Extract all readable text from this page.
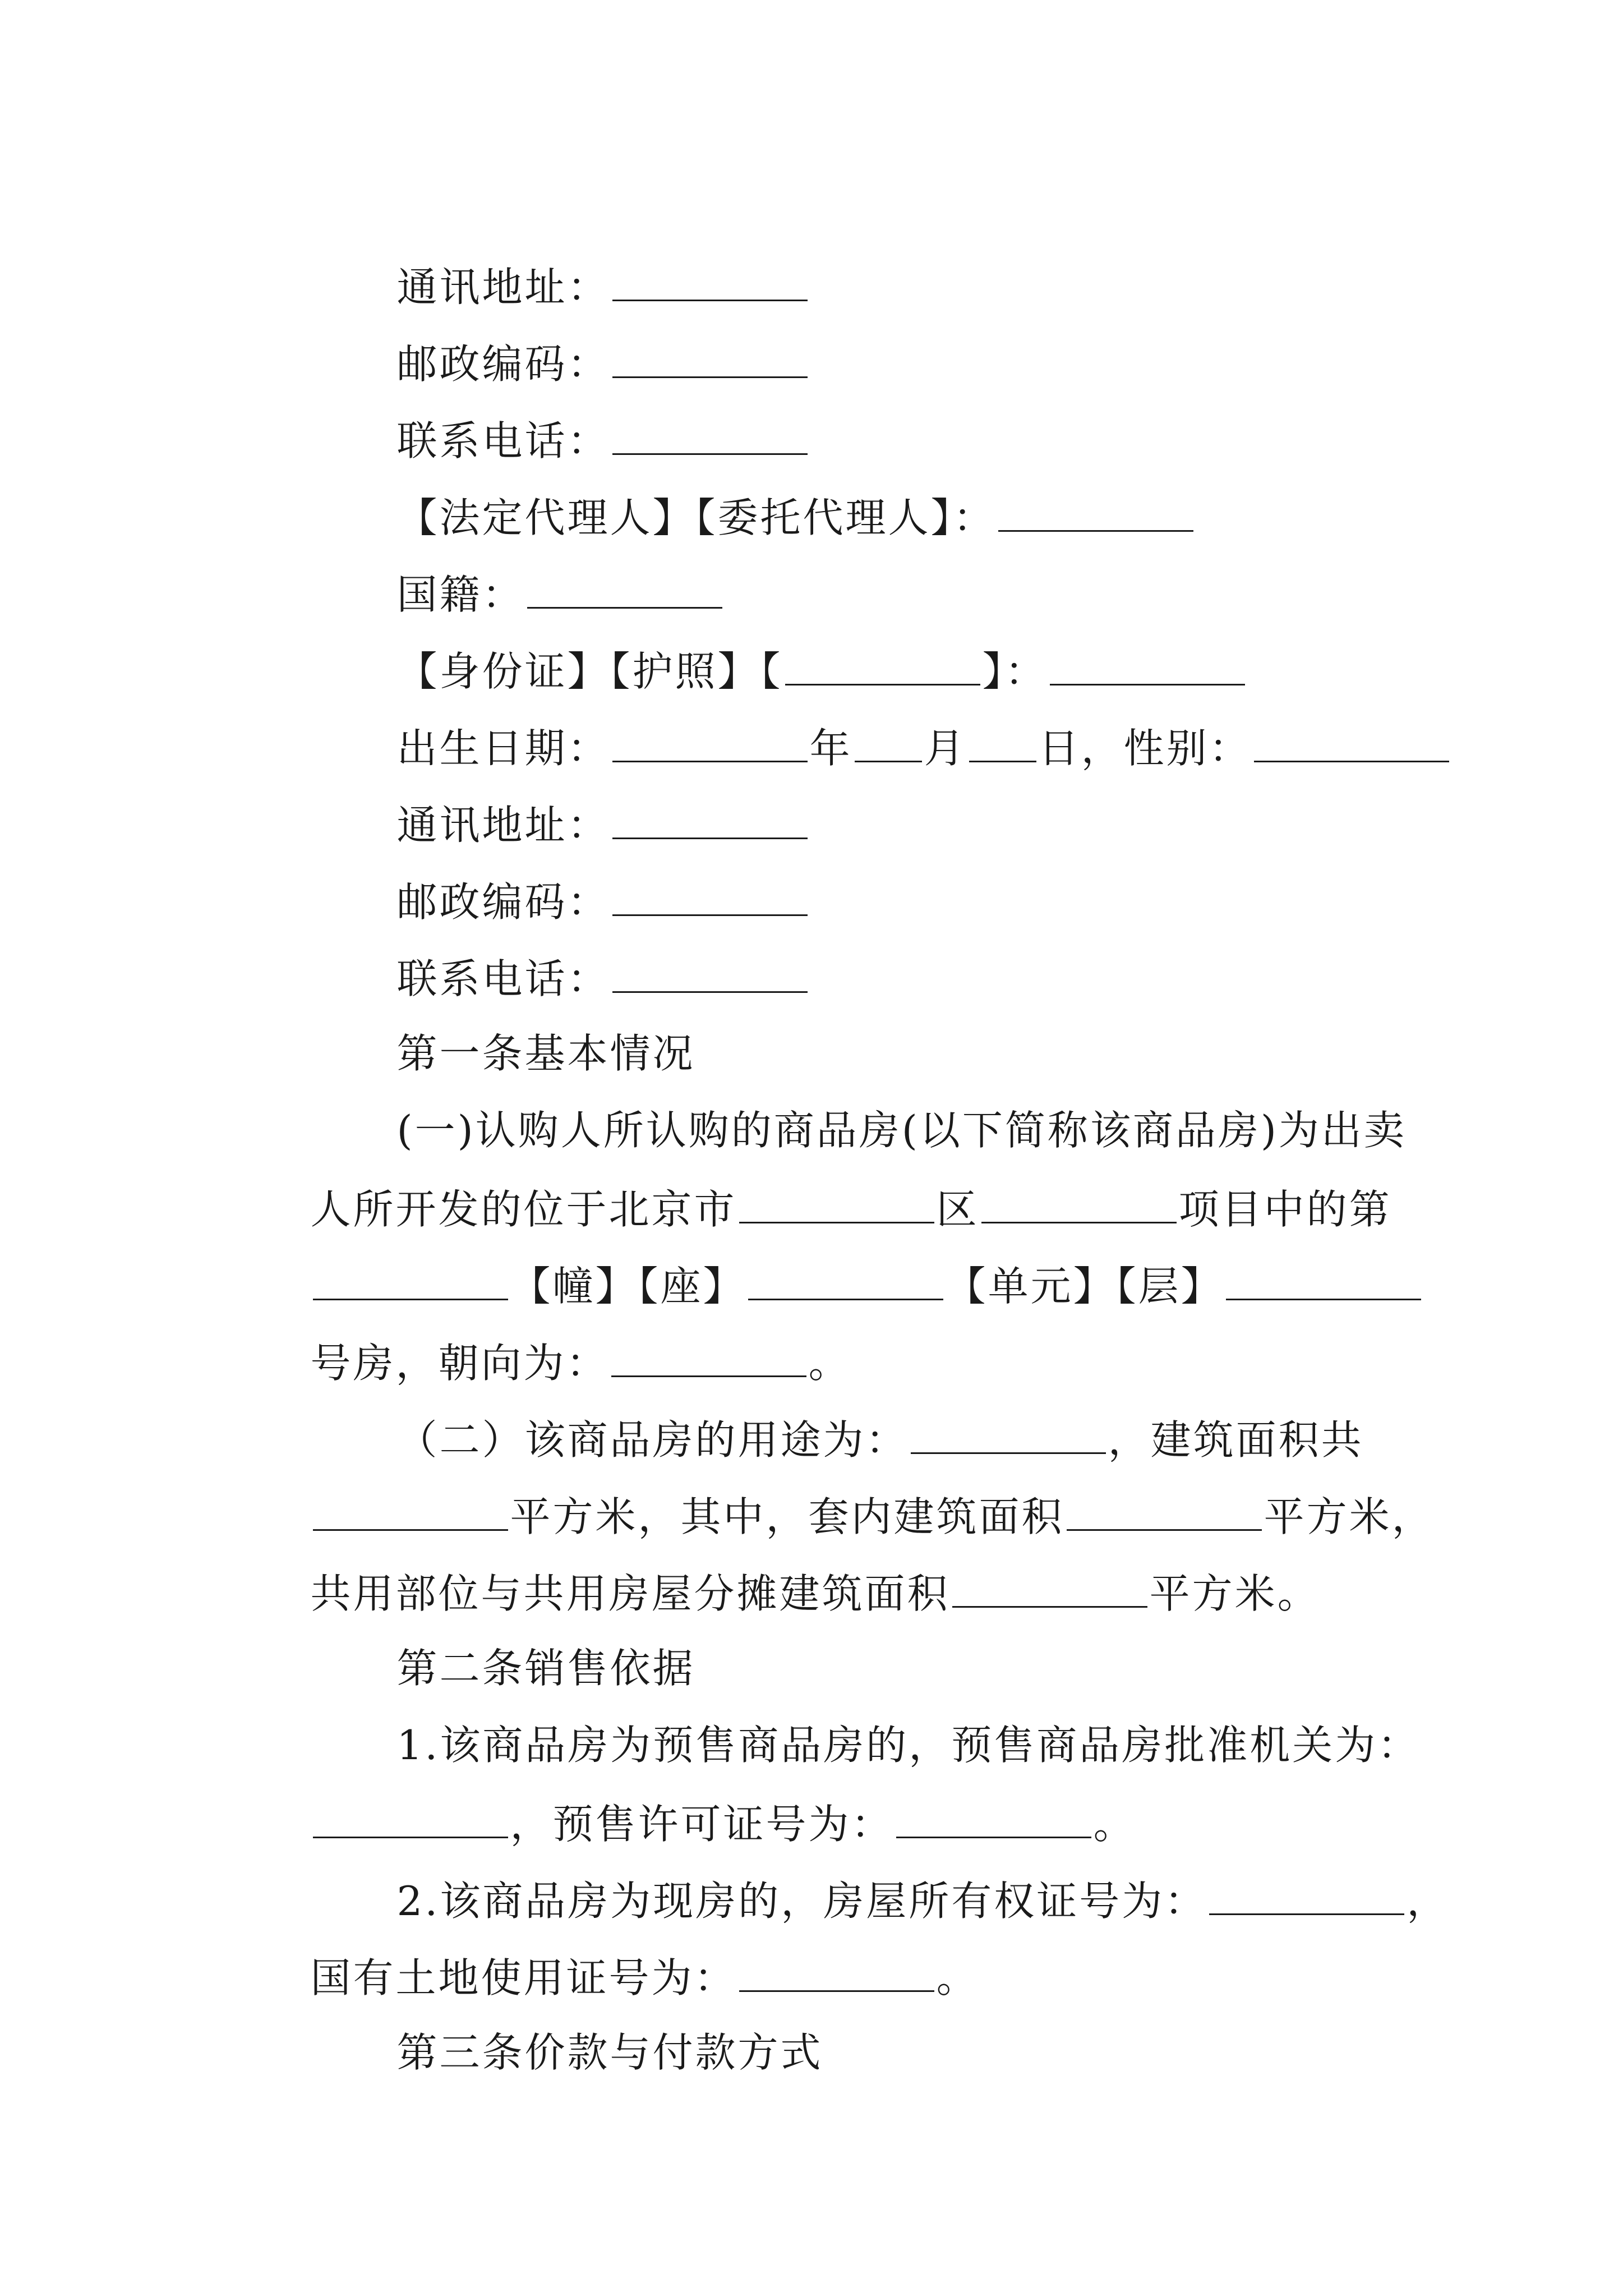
通讯地址：

邮政编码：

联系电话：

【法定代理人】【委托代理人】：

国籍：

【身份证】【护照】【	】：

出生日期：	年 月 日，性别：

通讯地址：

邮政编码：

联系电话：

第一条基本情况

(一)认购人所认购的商品房(以下简称该商品房)为出卖

人所开发的位于北京市	区	项目中的第

【幢】【座】	【单元】【层】

号房，朝向为：	。

（二）该商品房的用途为：	，建筑面积共

平方米，其中，套内建筑面积	平方米，

共用部位与共用房屋分摊建筑面积	平方米。

第二条销售依据

1.该商品房为预售商品房的，预售商品房批准机关为：

，预售许可证号为：	。

2.该商品房为现房的，房屋所有权证号为：	，

国有土地使用证号为：	。

第三条价款与付款方式
